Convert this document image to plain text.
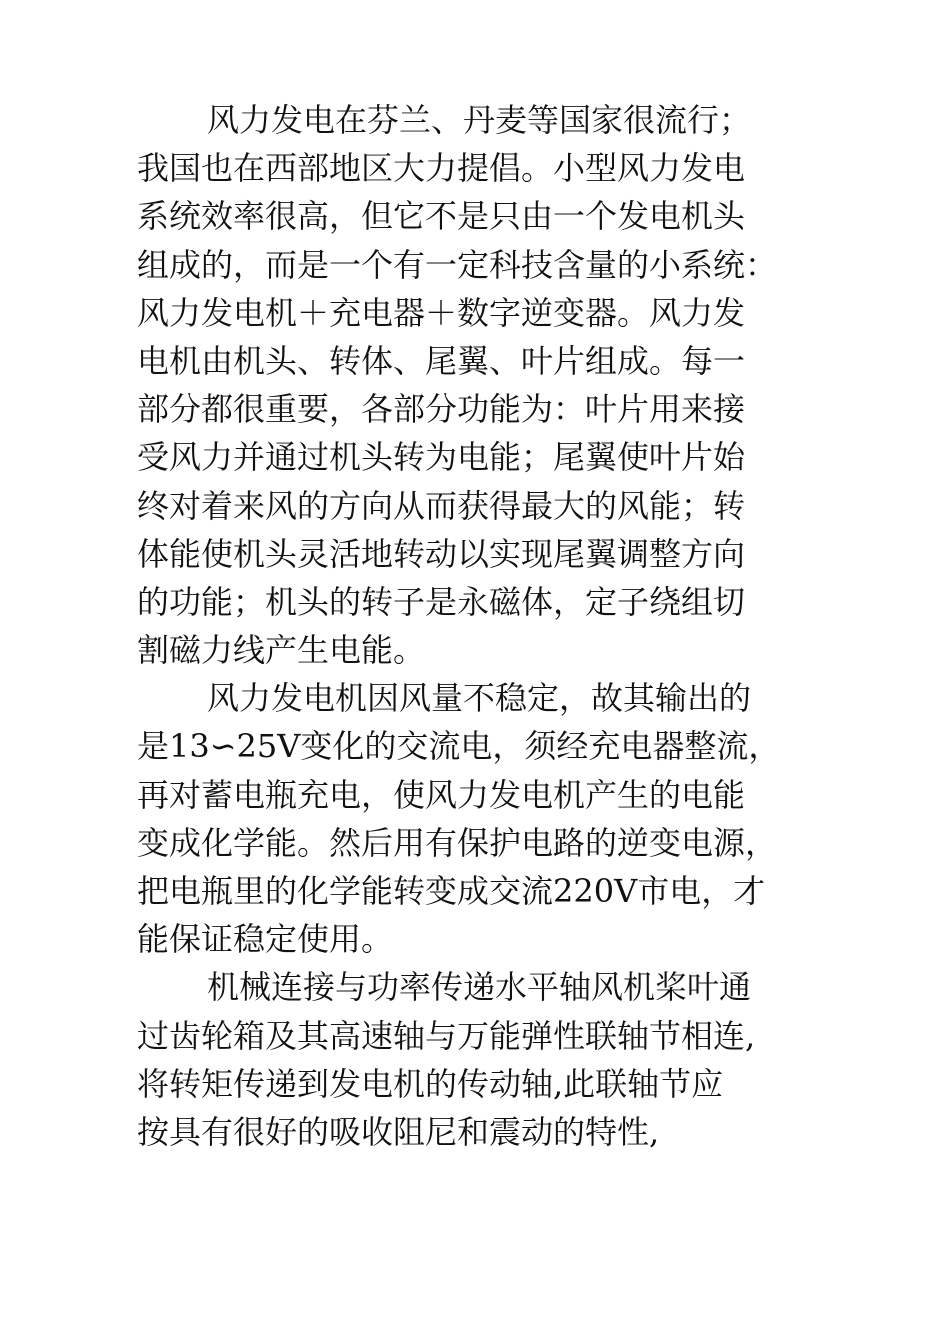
风力发电在芬兰、丹麦等国家很流行；
我国也在西部地区大力提倡。小型风力发电
系统效率很高，但它不是只由一个发电机头
组成的，而是一个有一定科技含量的小系统：
风力发电机＋充电器＋数字逆变器。风力发
电机由机头、转体、尾翼、叶片组成。每一
部分都很重要，各部分功能为：叶片用来接
受风力并通过机头转为电能；尾翼使叶片始
终对着来风的方向从而获得最大的风能；转
体能使机头灵活地转动以实现尾翼调整方向
的功能；机头的转子是永磁体，定子绕组切
割磁力线产生电能。
风力发电机因风量不稳定，故其输出的
是13∽25V变化的交流电，须经充电器整流，
再对蓄电瓶充电，使风力发电机产生的电能
变成化学能。然后用有保护电路的逆变电源，
把电瓶里的化学能转变成交流220V市电，才
能保证稳定使用。
机械连接与功率传递水平轴风机桨叶通
过齿轮箱及其高速轴与万能弹性联轴节相连,
将转矩传递到发电机的传动轴,此联轴节应
按具有很好的吸收阻尼和震动的特性,
